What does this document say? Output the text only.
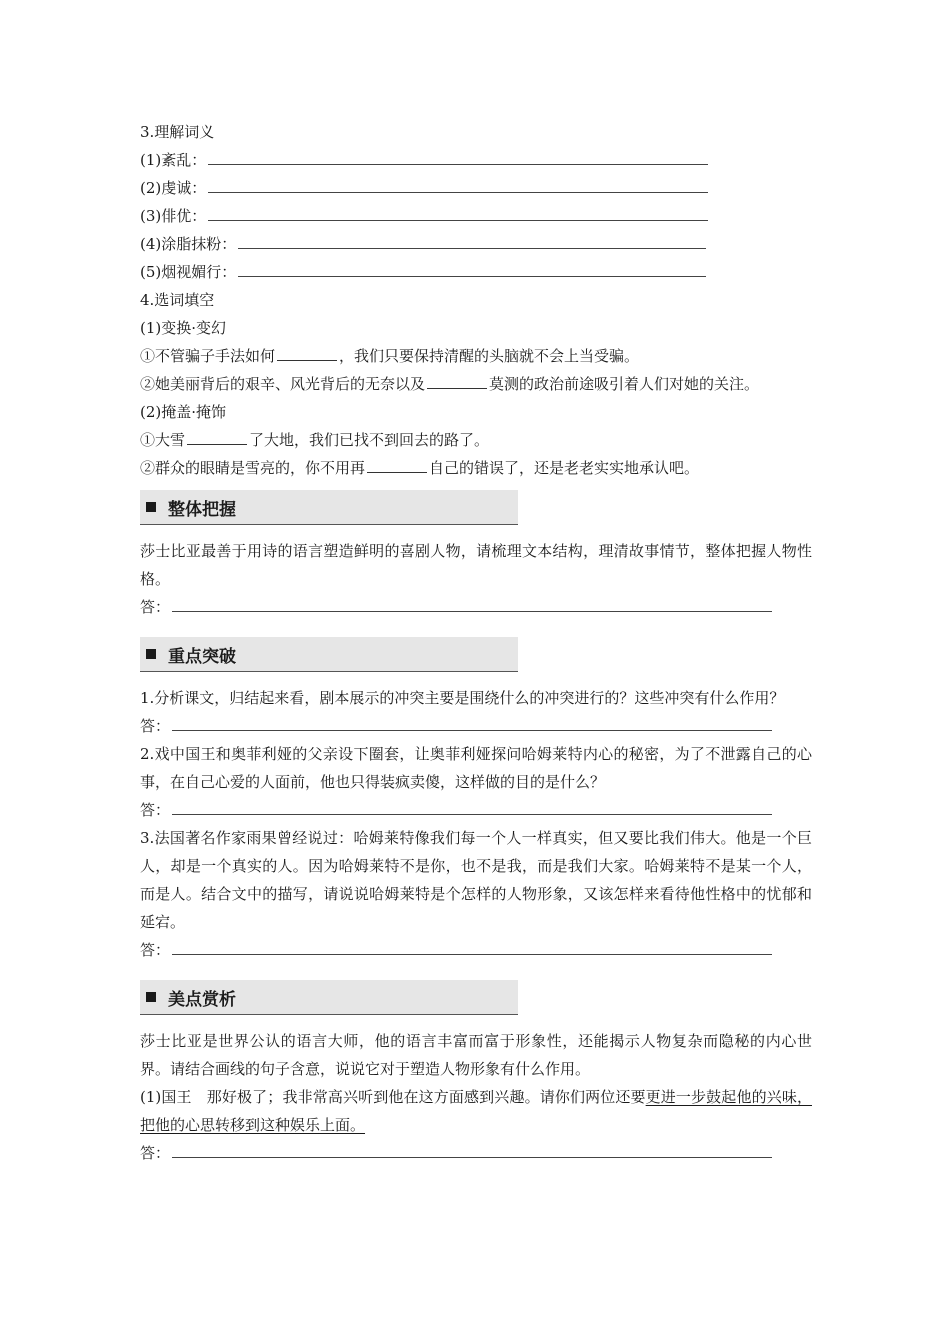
3.理解词义
(1)紊乱：
(2)虔诚：
(3)俳优：
(4)涂脂抹粉：
(5)烟视媚行：
4.选词填空
(1)变换·变幻
①不管骗子手法如何	，我们只要保持清醒的头脑就不会上当受骗。
②她美丽背后的艰辛、风光背后的无奈以及	莫测的政治前途吸引着人们对她的关注。
(2)掩盖·掩饰
①大雪	了大地，我们已找不到回去的路了。
②群众的眼睛是雪亮的，你不用再	自己的错误了，还是老老实实地承认吧。
整体把握
莎士比亚最善于用诗的语言塑造鲜明的喜剧人物，请梳理文本结构，理清故事情节，整体把握人物性格。
答：
重点突破
1.分析课文，归结起来看，剧本展示的冲突主要是围绕什么的冲突进行的？这些冲突有什么作用？
答：
2.戏中国王和奥菲利娅的父亲设下圈套，让奥菲利娅探问哈姆莱特内心的秘密，为了不泄露自己的心事，在自己心爱的人面前，他也只得装疯卖傻，这样做的目的是什么？
答：
3.法国著名作家雨果曾经说过：哈姆莱特像我们每一个人一样真实，但又要比我们伟大。他是一个巨人，却是一个真实的人。因为哈姆莱特不是你，也不是我，而是我们大家。哈姆莱特不是某一个人，而是人。结合文中的描写，请说说哈姆莱特是个怎样的人物形象，又该怎样来看待他性格中的忧郁和延宕。
答：
美点赏析
莎士比亚是世界公认的语言大师，他的语言丰富而富于形象性，还能揭示人物复杂而隐秘的内心世界。请结合画线的句子含意，说说它对于塑造人物形象有什么作用。
(1)国王　那好极了；我非常高兴听到他在这方面感到兴趣。请你们两位还要更进一步鼓起他的兴味，把他的心思转移到这种娱乐上面。
答：
